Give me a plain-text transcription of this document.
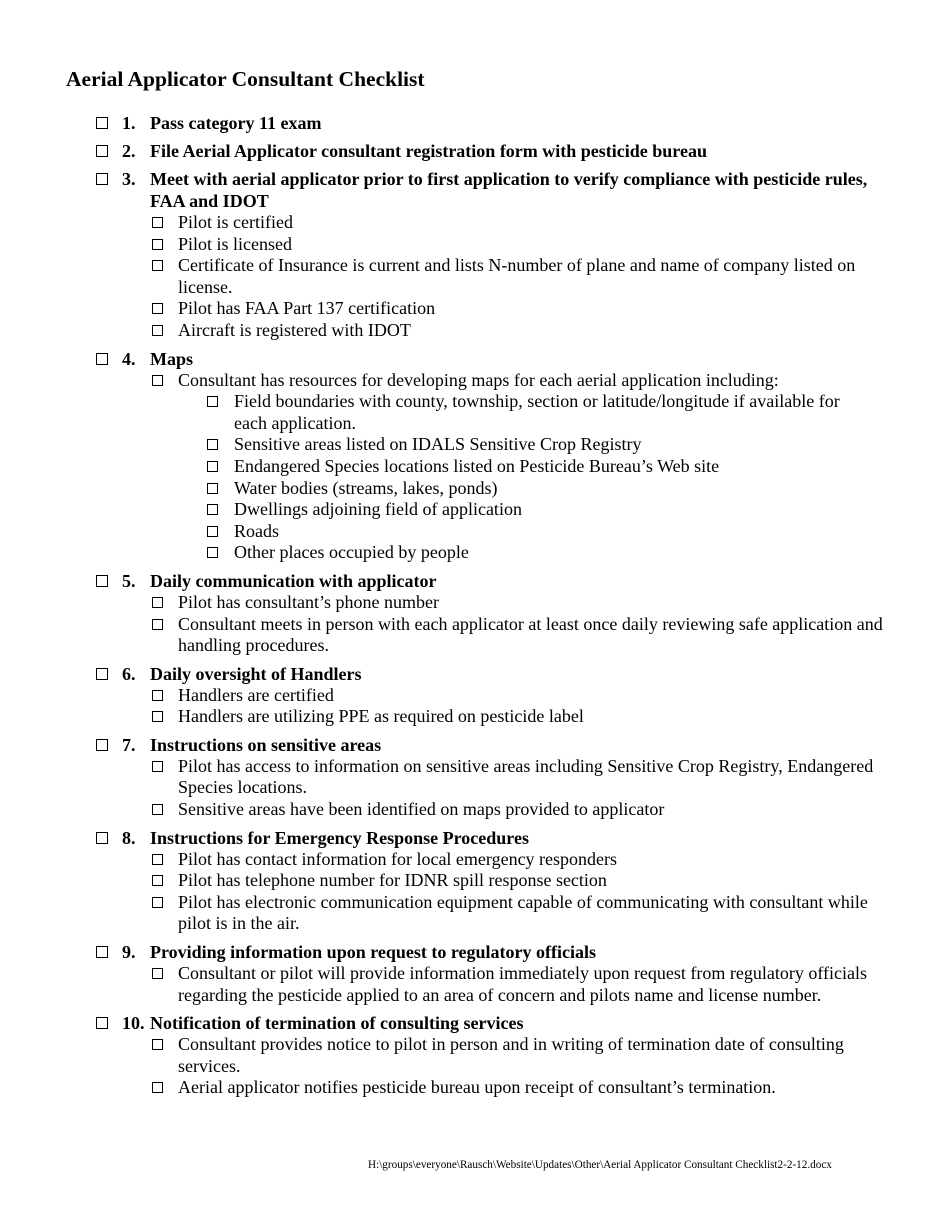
Aerial Applicator Consultant Checklist
1. Pass category 11 exam
2. File Aerial Applicator consultant registration form with pesticide bureau
3. Meet with aerial applicator prior to first application to verify compliance with pesticide rules, FAA and IDOT
Pilot is certified
Pilot is licensed
Certificate of Insurance is current and lists N-number of plane and name of company listed on license.
Pilot has FAA Part 137 certification
Aircraft is registered with IDOT
4. Maps
Consultant has resources for developing maps for each aerial application including:
Field boundaries with county, township, section or latitude/longitude if available for each application.
Sensitive areas listed on IDALS Sensitive Crop Registry
Endangered Species locations listed on Pesticide Bureau’s Web site
Water bodies (streams, lakes, ponds)
Dwellings adjoining field of application
Roads
Other places occupied by people
5. Daily communication with applicator
Pilot has consultant’s phone number
Consultant meets in person with each applicator at least once daily reviewing safe application and handling procedures.
6. Daily oversight of Handlers
Handlers are certified
Handlers are utilizing PPE as required on pesticide label
7. Instructions on sensitive areas
Pilot has access to information on sensitive areas including Sensitive Crop Registry, Endangered Species locations.
Sensitive areas have been identified on maps provided to applicator
8. Instructions for Emergency Response Procedures
Pilot has contact information for local emergency responders
Pilot has telephone number for IDNR spill response section
Pilot has electronic communication equipment capable of communicating with consultant while pilot is in the air.
9. Providing information upon request to regulatory officials
Consultant or pilot will provide information immediately upon request from regulatory officials regarding the pesticide applied to an area of concern and pilots name and license number.
10. Notification of termination of consulting services
Consultant provides notice to pilot in person and in writing of termination date of consulting services.
Aerial applicator notifies pesticide bureau upon receipt of consultant’s termination.
H:\groups\everyone\Rausch\Website\Updates\Other\Aerial Applicator Consultant Checklist2-2-12.docx
